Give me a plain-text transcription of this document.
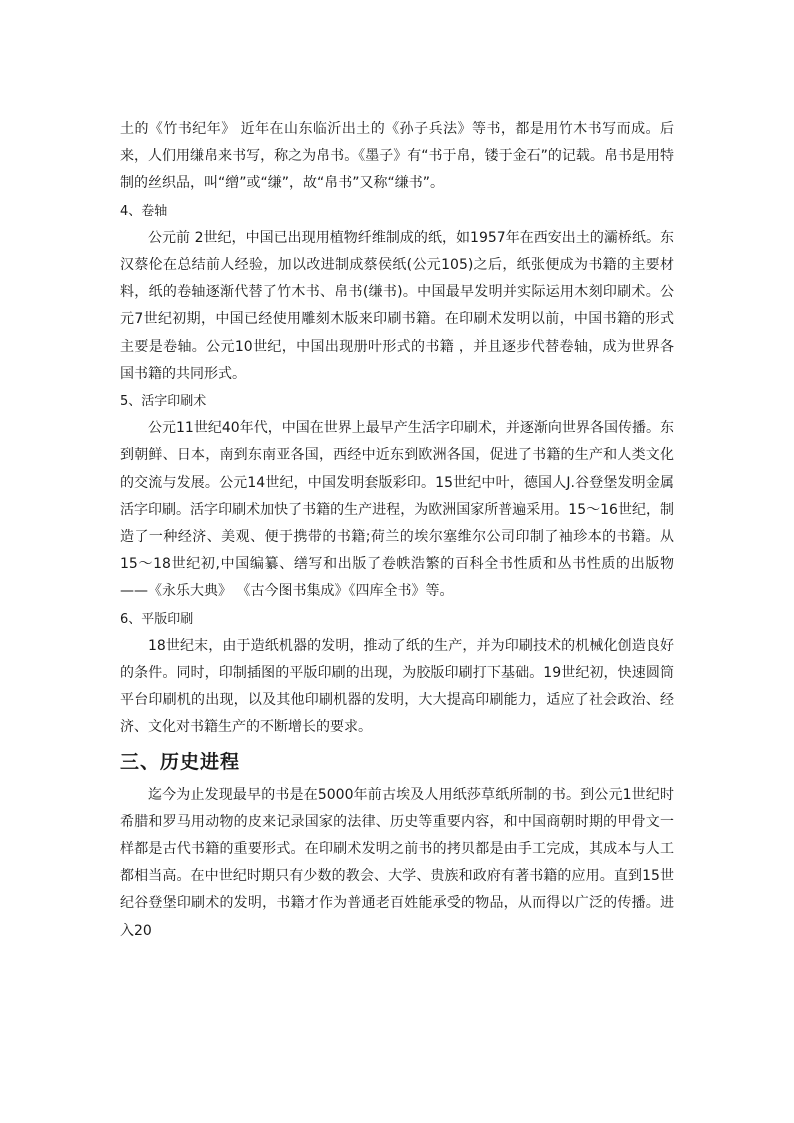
土的《竹书纪年》 近年在山东临沂出土的《孙子兵法》等书，都是用竹木书写而成。后来，人们用缣帛来书写，称之为帛书。《墨子》有“书于帛，镂于金石”的记载。帛书是用特制的丝织品，叫“缯”或“缣”，故“帛书”又称“缣书”。

4、卷轴

公元前 2世纪，中国已出现用植物纤维制成的纸，如1957年在西安出土的灞桥纸。东汉蔡伦在总结前人经验，加以改进制成蔡侯纸(公元105)之后，纸张便成为书籍的主要材料，纸的卷轴逐渐代替了竹木书、帛书(缣书)。中国最早发明并实际运用木刻印刷术。公元7世纪初期，中国已经使用雕刻木版来印刷书籍。在印刷术发明以前，中国书籍的形式主要是卷轴。公元10世纪，中国出现册叶形式的书籍 ，并且逐步代替卷轴，成为世界各国书籍的共同形式。

5、活字印刷术

公元11世纪40年代，中国在世界上最早产生活字印刷术，并逐渐向世界各国传播。东到朝鲜、日本，南到东南亚各国，西经中近东到欧洲各国，促进了书籍的生产和人类文化的交流与发展。公元14世纪，中国发明套版彩印。15世纪中叶，德国人J.谷登堡发明金属活字印刷。活字印刷术加快了书籍的生产进程，为欧洲国家所普遍采用。15～16世纪，制造了一种经济、美观、便于携带的书籍;荷兰的埃尔塞维尔公司印制了袖珍本的书籍。从15～18世纪初,中国编纂、缮写和出版了卷帙浩繁的百科全书性质和丛书性质的出版物——《永乐大典》 《古今图书集成》《四库全书》等。

6、平版印刷

18世纪末，由于造纸机器的发明，推动了纸的生产，并为印刷技术的机械化创造良好的条件。同时，印制插图的平版印刷的出现，为胶版印刷打下基础。19世纪初，快速圆筒平台印刷机的出现，以及其他印刷机器的发明，大大提高印刷能力，适应了社会政治、经济、文化对书籍生产的不断增长的要求。

三、历史进程

迄今为止发现最早的书是在5000年前古埃及人用纸莎草纸所制的书。到公元1世纪时希腊和罗马用动物的皮来记录国家的法律、历史等重要内容，和中国商朝时期的甲骨文一样都是古代书籍的重要形式。在印刷术发明之前书的拷贝都是由手工完成，其成本与人工都相当高。在中世纪时期只有少数的教会、大学、贵族和政府有著书籍的应用。直到15世纪谷登堡印刷术的发明，书籍才作为普通老百姓能承受的物品，从而得以广泛的传播。进入20
